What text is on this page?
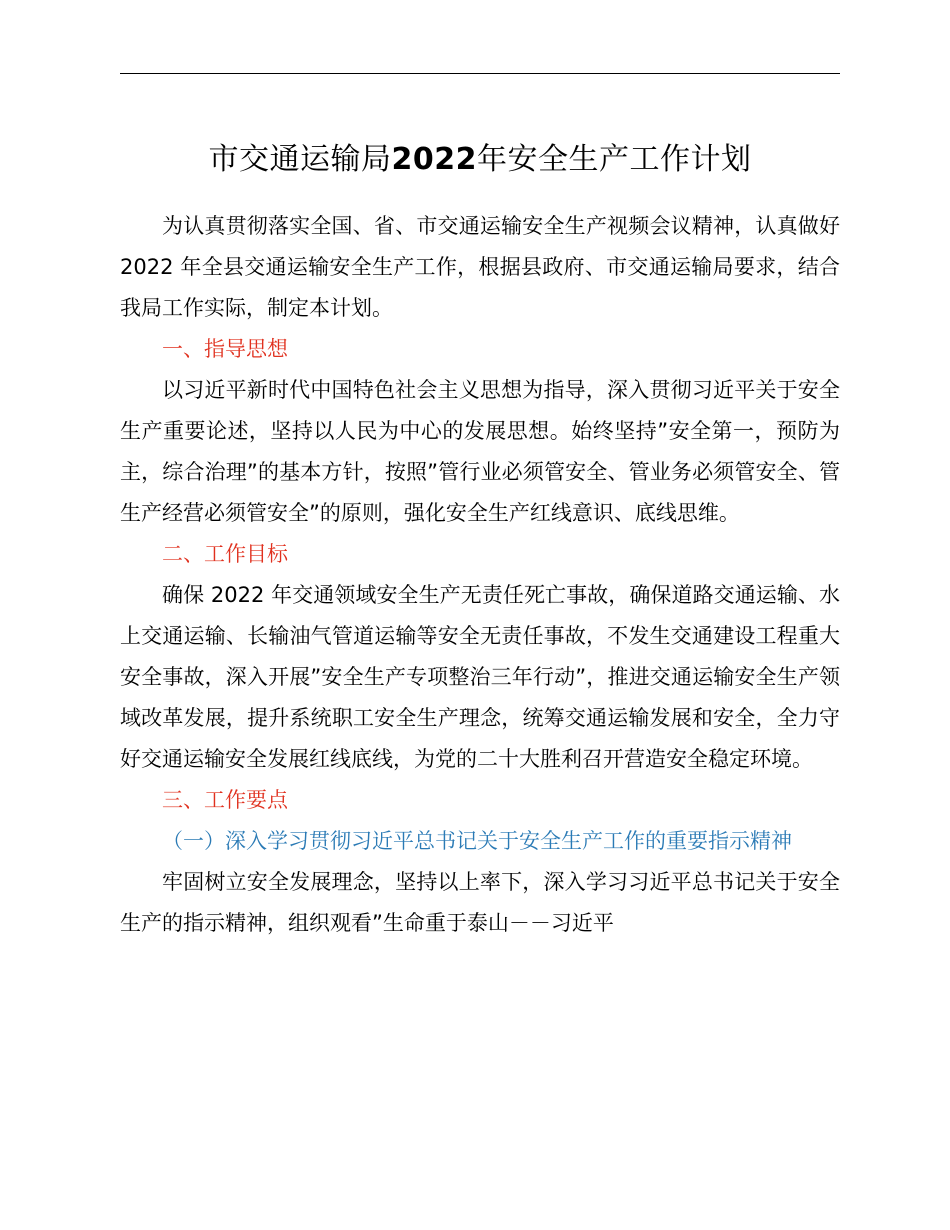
市交通运输局2022年安全生产工作计划

为认真贯彻落实全国、省、市交通运输安全生产视频会议精神，认真做好 2022 年全县交通运输安全生产工作，根据县政府、市交通运输局要求，结合我局工作实际，制定本计划。

一、指导思想

以习近平新时代中国特色社会主义思想为指导，深入贯彻习近平关于安全生产重要论述，坚持以人民为中心的发展思想。始终坚持”安全第一，预防为主，综合治理”的基本方针，按照”管行业必须管安全、管业务必须管安全、管生产经营必须管安全”的原则，强化安全生产红线意识、底线思维。

二、工作目标

确保 2022 年交通领域安全生产无责任死亡事故，确保道路交通运输、水上交通运输、长输油气管道运输等安全无责任事故，不发生交通建设工程重大安全事故，深入开展”安全生产专项整治三年行动”，推进交通运输安全生产领域改革发展，提升系统职工安全生产理念，统筹交通运输发展和安全，全力守好交通运输安全发展红线底线，为党的二十大胜利召开营造安全稳定环境。

三、工作要点

（一）深入学习贯彻习近平总书记关于安全生产工作的重要指示精神

牢固树立安全发展理念，坚持以上率下，深入学习习近平总书记关于安全生产的指示精神，组织观看”生命重于泰山－－习近平
